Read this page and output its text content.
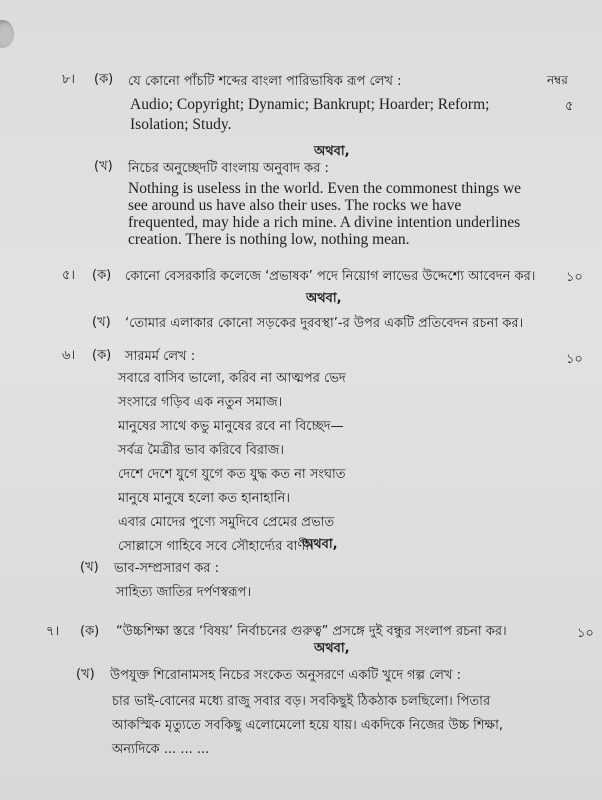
নম্বর
৮। (ক) যে কোনো পাঁচটি শব্দের বাংলা পারিভাষিক রূপ লেখ :
৫
Audio; Copyright; Dynamic; Bankrupt; Hoarder; Reform;
Isolation; Study.
অথবা,
(খ) নিচের অনুচ্ছেদটি বাংলায় অনুবাদ কর :
Nothing is useless in the world. Even the commonest things we see around us have also their uses. The rocks we have frequented, may hide a rich mine. A divine intention underlines creation. There is nothing low, nothing mean.
৫। (ক) কোনো বেসরকারি কলেজে ‘প্রভাষক’ পদে নিয়োগ লাভের উদ্দেশ্যে আবেদন কর। ১০
অথবা,
(খ) ‘তোমার এলাকার কোনো সড়কের দুরবস্থা’-র উপর একটি প্রতিবেদন রচনা কর।
৬। (ক) সারমর্ম লেখ :	১০
সবারে বাসিব ভালো, করিব না আত্মপর ভেদ
সংসারে গড়িব এক নতুন সমাজ।
মানুষের সাথে কভু মানুষের রবে না বিচ্ছেদ—
সর্বত্র মৈত্রীর ভাব করিবে বিরাজ।
দেশে দেশে যুগে যুগে কত যুদ্ধ কত না সংঘাত
মানুষে মানুষে হলো কত হানাহানি।
এবার মোদের পুণ্যে সমুদিবে প্রেমের প্রভাত
সোল্লাসে গাহিবে সবে সৌহার্দ্যের বাণী।
অথবা,
(খ) ভাব-সম্প্রসারণ কর :
সাহিত্য জাতির দর্পণস্বরূপ।
৭। (ক) “উচ্চশিক্ষা স্তরে ‘বিষয়’ নির্বাচনের গুরুত্ব” প্রসঙ্গে দুই বন্ধুর সংলাপ রচনা কর।	১০
অথবা,
(খ) উপযুক্ত শিরোনামসহ নিচের সংকেত অনুসরণে একটি খুদে গল্প লেখ :
চার ভাই-বোনের মধ্যে রাজু সবার বড়। সবকিছুই ঠিকঠাক চলছিলো। পিতার
আকস্মিক মৃত্যুতে সবকিছু এলোমেলো হয়ে যায়। একদিকে নিজের উচ্চ শিক্ষা,
অন্যদিকে ... ... ...
